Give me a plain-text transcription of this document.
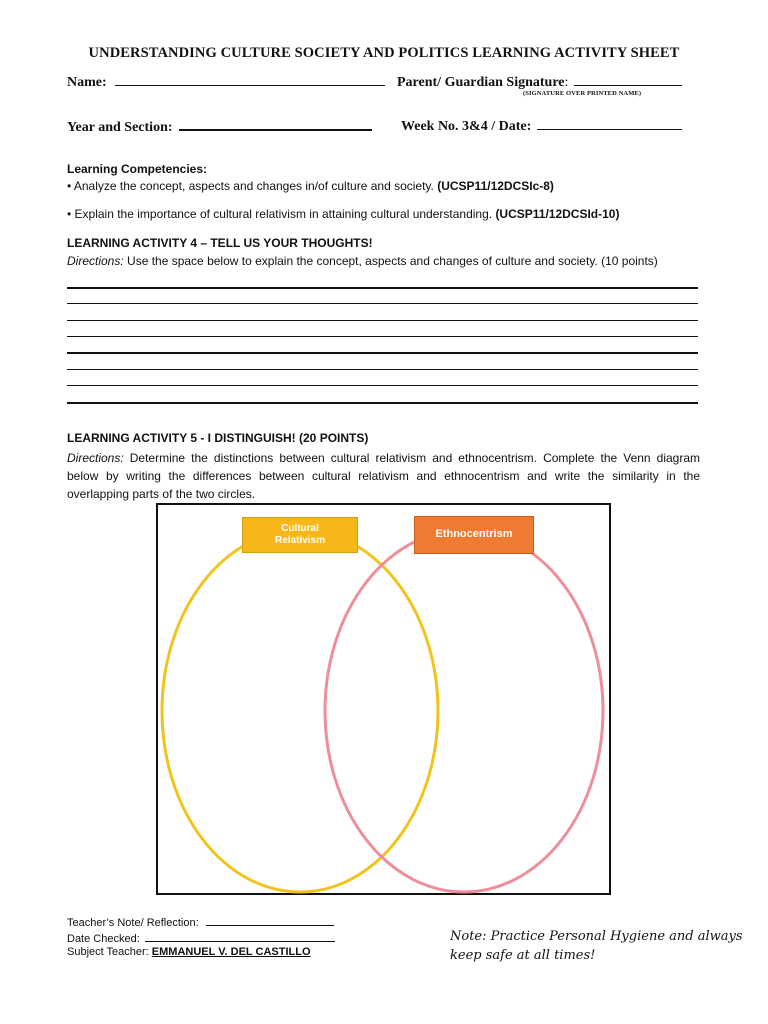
UNDERSTANDING CULTURE SOCIETY AND POLITICS LEARNING ACTIVITY SHEET
Name:	Parent/ Guardian Signature:
(SIGNATURE OVER PRINTED NAME)
Year and Section:	Week No. 3&4 / Date:
Learning Competencies:
• Analyze the concept, aspects and changes in/of culture and society. (UCSP11/12DCSIc-8)
• Explain the importance of cultural relativism in attaining cultural understanding. (UCSP11/12DCSId-10)
LEARNING ACTIVITY 4 – TELL US YOUR THOUGHTS!
Directions: Use the space below to explain the concept, aspects and changes of culture and society. (10 points)
LEARNING ACTIVITY 5 - I DISTINGUISH! (20 POINTS)
Directions: Determine the distinctions between cultural relativism and ethnocentrism. Complete the Venn diagram below by writing the differences between cultural relativism and ethnocentrism and write the similarity in the overlapping parts of the two circles.
Cultural
Relativism
Ethnocentrism
Teacher’s Note/ Reflection:
Date Checked:
Subject Teacher: EMMANUEL V. DEL CASTILLO
Note: Practice Personal Hygiene and always
keep safe at all times!
